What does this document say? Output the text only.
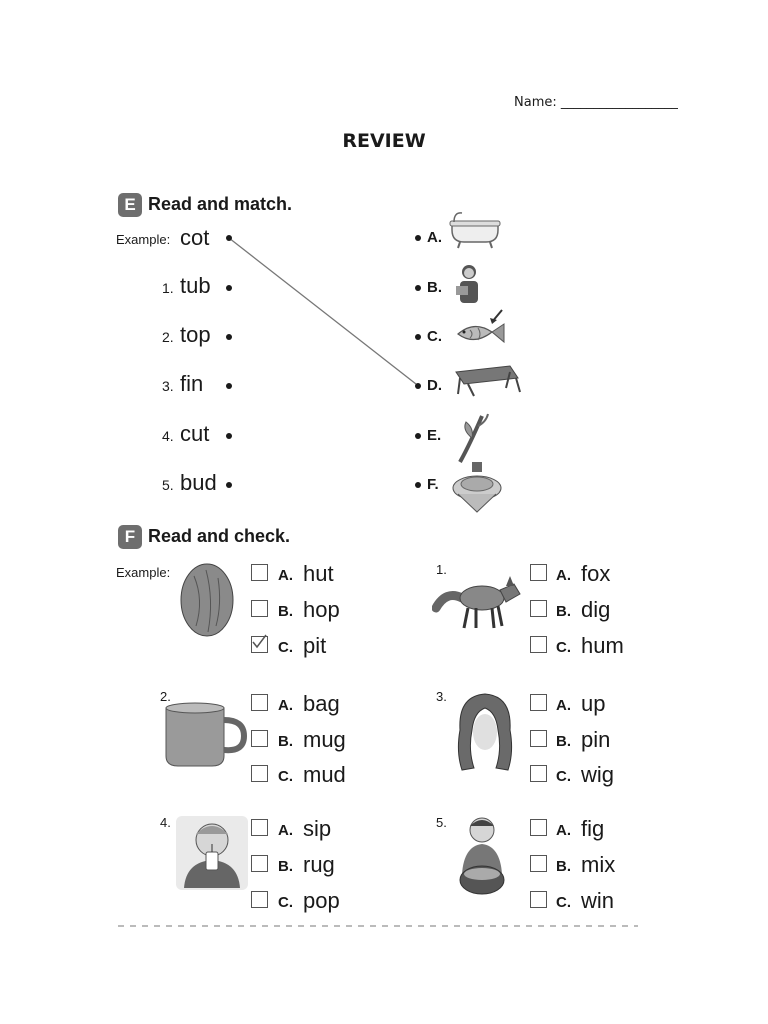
Name: __________________
REVIEW
E Read and match.
Example: cot
1. tub
2. top
3. fin
4. cut
5. bud
A.
B.
C.
D.
E.
F.
F Read and check.
Example:	A. hut
B. hop
C. pit
1.	A. fox
B. dig
C. hum
2.
A. bag
B. mug
C. mud
3.
A. up
B. pin
C. wig
4.	A. sip
B. rug
C. pop
5.	A. fig
B. mix
C. win
